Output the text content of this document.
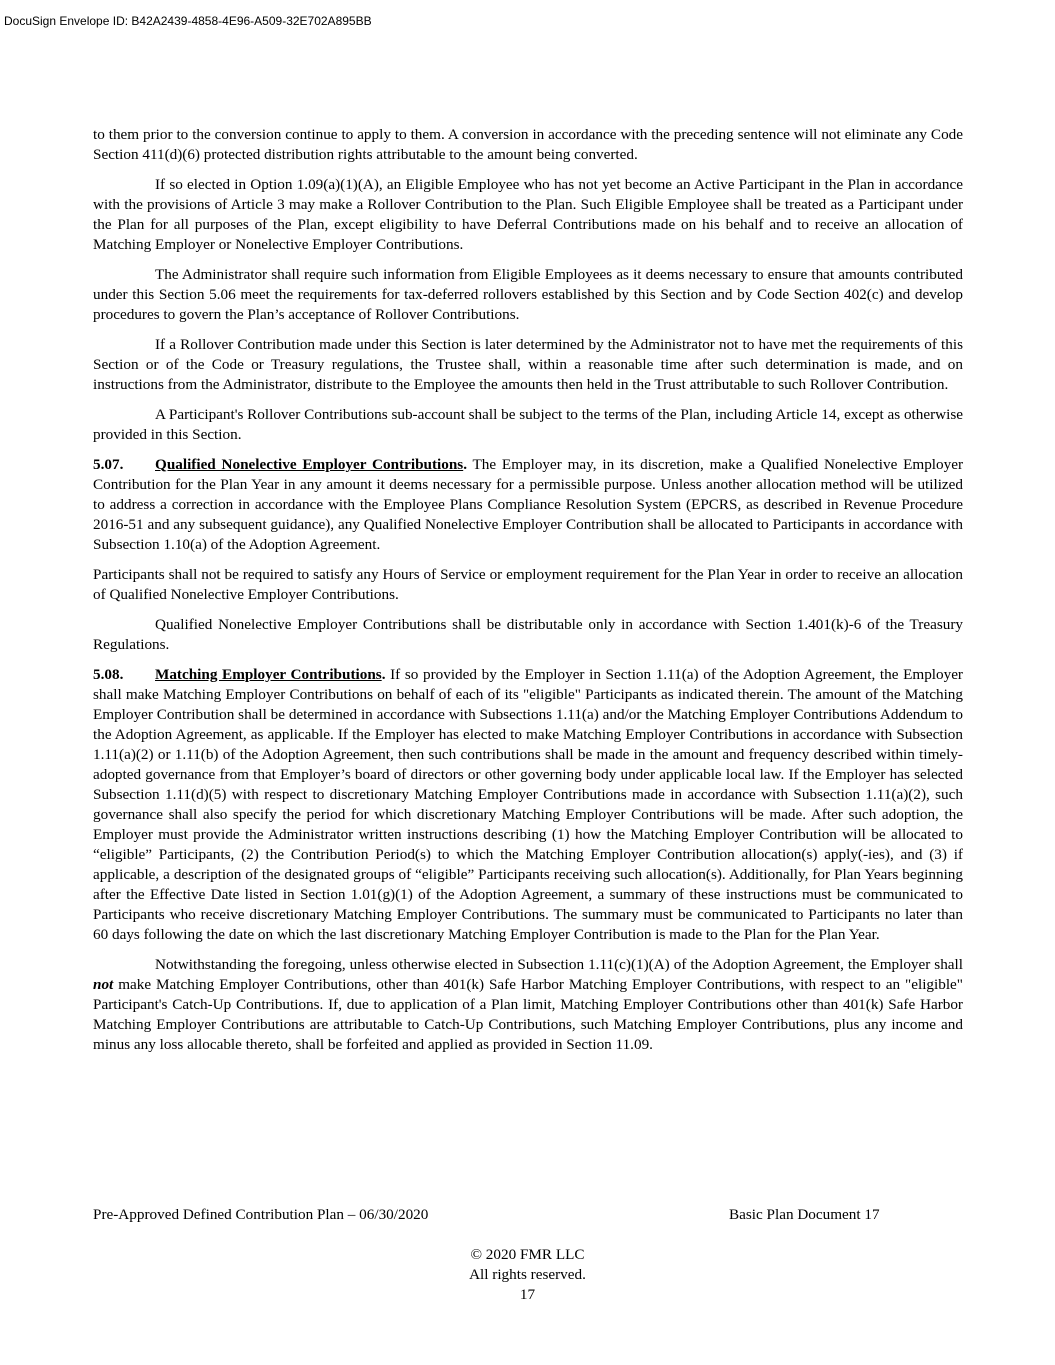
DocuSign Envelope ID: B42A2439-4858-4E96-A509-32E702A895BB

to them prior to the conversion continue to apply to them. A conversion in accordance with the preceding sentence will not eliminate any Code Section 411(d)(6) protected distribution rights attributable to the amount being converted.

If so elected in Option 1.09(a)(1)(A), an Eligible Employee who has not yet become an Active Participant in the Plan in accordance with the provisions of Article 3 may make a Rollover Contribution to the Plan. Such Eligible Employee shall be treated as a Participant under the Plan for all purposes of the Plan, except eligibility to have Deferral Contributions made on his behalf and to receive an allocation of Matching Employer or Nonelective Employer Contributions.

The Administrator shall require such information from Eligible Employees as it deems necessary to ensure that amounts contributed under this Section 5.06 meet the requirements for tax-deferred rollovers established by this Section and by Code Section 402(c) and develop procedures to govern the Plan’s acceptance of Rollover Contributions.

If a Rollover Contribution made under this Section is later determined by the Administrator not to have met the requirements of this Section or of the Code or Treasury regulations, the Trustee shall, within a reasonable time after such determination is made, and on instructions from the Administrator, distribute to the Employee the amounts then held in the Trust attributable to such Rollover Contribution.

A Participant's Rollover Contributions sub-account shall be subject to the terms of the Plan, including Article 14, except as otherwise provided in this Section.

5.07. Qualified Nonelective Employer Contributions. The Employer may, in its discretion, make a Qualified Nonelective Employer Contribution for the Plan Year in any amount it deems necessary for a permissible purpose. Unless another allocation method will be utilized to address a correction in accordance with the Employee Plans Compliance Resolution System (EPCRS, as described in Revenue Procedure 2016-51 and any subsequent guidance), any Qualified Nonelective Employer Contribution shall be allocated to Participants in accordance with Subsection 1.10(a) of the Adoption Agreement.

Participants shall not be required to satisfy any Hours of Service or employment requirement for the Plan Year in order to receive an allocation of Qualified Nonelective Employer Contributions.

Qualified Nonelective Employer Contributions shall be distributable only in accordance with Section 1.401(k)-6 of the Treasury Regulations.

5.08. Matching Employer Contributions. If so provided by the Employer in Section 1.11(a) of the Adoption Agreement, the Employer shall make Matching Employer Contributions on behalf of each of its "eligible" Participants as indicated therein. The amount of the Matching Employer Contribution shall be determined in accordance with Subsections 1.11(a) and/or the Matching Employer Contributions Addendum to the Adoption Agreement, as applicable. If the Employer has elected to make Matching Employer Contributions in accordance with Subsection 1.11(a)(2) or 1.11(b) of the Adoption Agreement, then such contributions shall be made in the amount and frequency described within timely-adopted governance from that Employer’s board of directors or other governing body under applicable local law. If the Employer has selected Subsection 1.11(d)(5) with respect to discretionary Matching Employer Contributions made in accordance with Subsection 1.11(a)(2), such governance shall also specify the period for which discretionary Matching Employer Contributions will be made. After such adoption, the Employer must provide the Administrator written instructions describing (1) how the Matching Employer Contribution will be allocated to “eligible” Participants, (2) the Contribution Period(s) to which the Matching Employer Contribution allocation(s) apply(-ies), and (3) if applicable, a description of the designated groups of “eligible” Participants receiving such allocation(s). Additionally, for Plan Years beginning after the Effective Date listed in Section 1.01(g)(1) of the Adoption Agreement, a summary of these instructions must be communicated to Participants who receive discretionary Matching Employer Contributions. The summary must be communicated to Participants no later than 60 days following the date on which the last discretionary Matching Employer Contribution is made to the Plan for the Plan Year.

Notwithstanding the foregoing, unless otherwise elected in Subsection 1.11(c)(1)(A) of the Adoption Agreement, the Employer shall not make Matching Employer Contributions, other than 401(k) Safe Harbor Matching Employer Contributions, with respect to an "eligible" Participant's Catch-Up Contributions. If, due to application of a Plan limit, Matching Employer Contributions other than 401(k) Safe Harbor Matching Employer Contributions are attributable to Catch-Up Contributions, such Matching Employer Contributions, plus any income and minus any loss allocable thereto, shall be forfeited and applied as provided in Section 11.09.

Pre-Approved Defined Contribution Plan – 06/30/2020	Basic Plan Document 17
© 2020 FMR LLC
All rights reserved.
17
